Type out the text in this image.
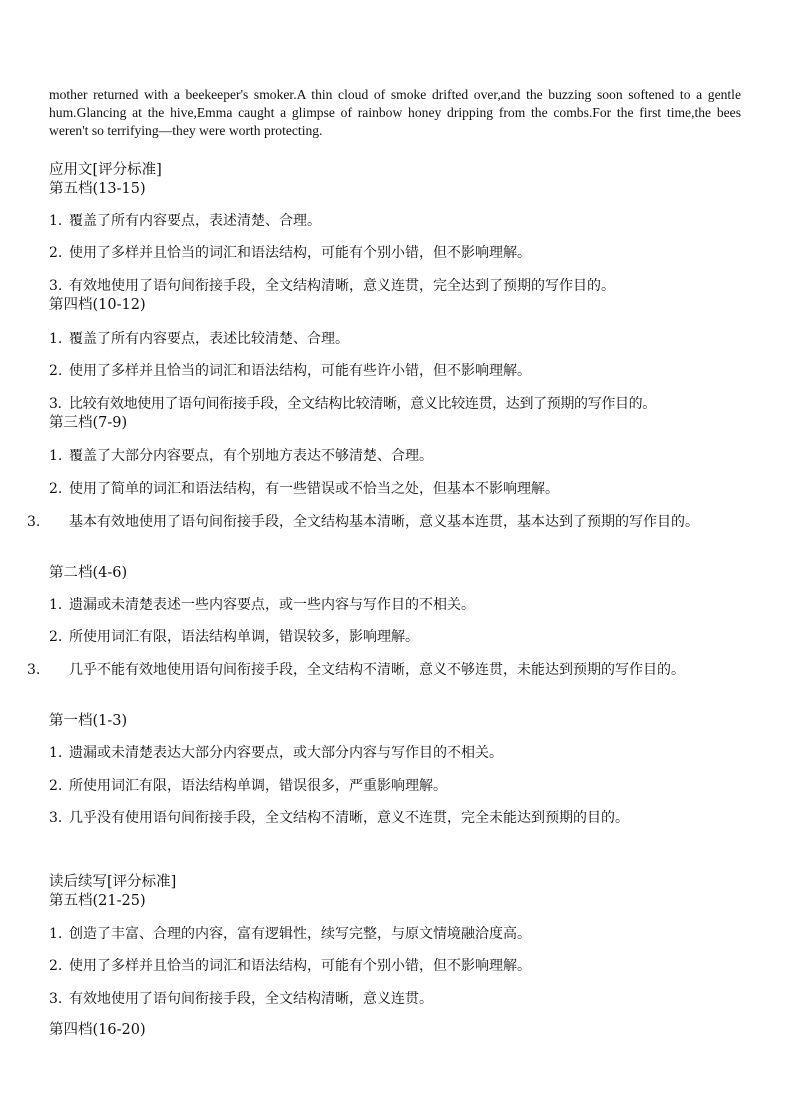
mother returned with a beekeeper's smoker.A thin cloud of smoke drifted over,and the buzzing soon softened to a gentle hum.Glancing at the hive,Emma caught a glimpse of rainbow honey dripping from the combs.For the first time,the bees weren't so terrifying—they were worth protecting.

应用文[评分标准]
第五档(13-15)
1. 覆盖了所有内容要点，表述清楚、合理。
2. 使用了多样并且恰当的词汇和语法结构，可能有个别小错，但不影响理解。
3. 有效地使用了语句间衔接手段，全文结构清晰，意义连贯，完全达到了预期的写作目的。
第四档(10-12)
1. 覆盖了所有内容要点，表述比较清楚、合理。
2. 使用了多样并且恰当的词汇和语法结构，可能有些许小错，但不影响理解。
3. 比较有效地使用了语句间衔接手段，全文结构比较清晰，意义比较连贯，达到了预期的写作目的。
第三档(7-9)
1. 覆盖了大部分内容要点，有个别地方表达不够清楚、合理。
2. 使用了简单的词汇和语法结构，有一些错误或不恰当之处，但基本不影响理解。
3. 基本有效地使用了语句间衔接手段，全文结构基本清晰，意义基本连贯，基本达到了预期的写作目的。
第二档(4-6)
1. 遗漏或未清楚表述一些内容要点，或一些内容与写作目的不相关。
2. 所使用词汇有限，语法结构单调，错误较多，影响理解。
3. 几乎不能有效地使用语句间衔接手段，全文结构不清晰，意义不够连贯，未能达到预期的写作目的。
第一档(1-3)
1. 遗漏或未清楚表达大部分内容要点，或大部分内容与写作目的不相关。
2. 所使用词汇有限，语法结构单调，错误很多，严重影响理解。
3. 几乎没有使用语句间衔接手段，全文结构不清晰，意义不连贯，完全未能达到预期的目的。
读后续写[评分标准]
第五档(21-25)
1. 创造了丰富、合理的内容，富有逻辑性，续写完整，与原文情境融洽度高。
2. 使用了多样并且恰当的词汇和语法结构，可能有个别小错，但不影响理解。
3. 有效地使用了语句间衔接手段，全文结构清晰，意义连贯。
第四档(16-20)
